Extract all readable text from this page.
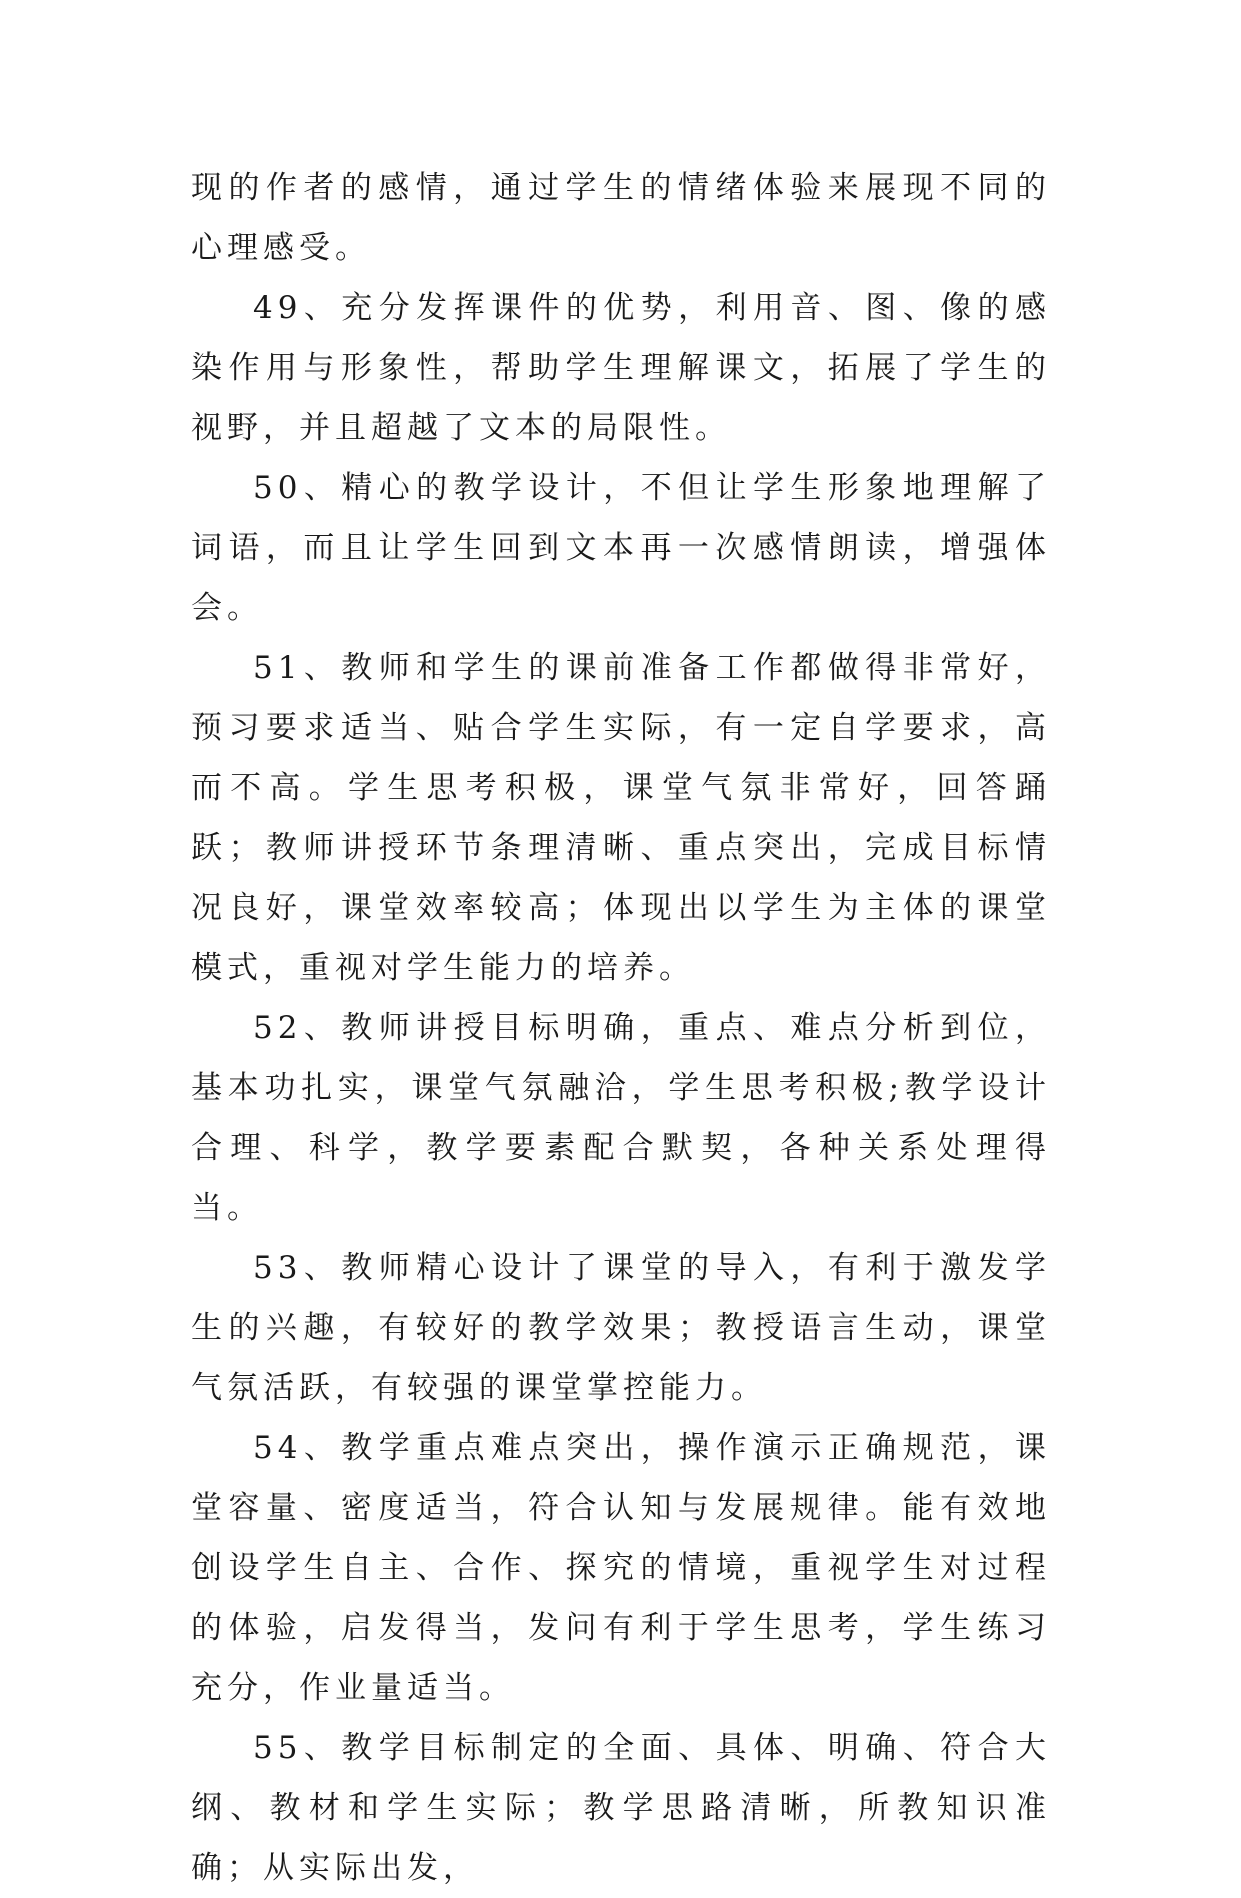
现的作者的感情，通过学生的情绪体验来展现不同的心理感受。

49、充分发挥课件的优势，利用音、图、像的感染作用与形象性，帮助学生理解课文，拓展了学生的视野，并且超越了文本的局限性。

50、精心的教学设计，不但让学生形象地理解了词语，而且让学生回到文本再一次感情朗读，增强体会。

51、教师和学生的课前准备工作都做得非常好，预习要求适当、贴合学生实际，有一定自学要求，高而不高。学生思考积极，课堂气氛非常好，回答踊跃；教师讲授环节条理清晰、重点突出，完成目标情况良好，课堂效率较高；体现出以学生为主体的课堂模式，重视对学生能力的培养。

52、教师讲授目标明确，重点、难点分析到位，基本功扎实，课堂气氛融洽，学生思考积极;教学设计合理、科学，教学要素配合默契，各种关系处理得当。

53、教师精心设计了课堂的导入，有利于激发学生的兴趣，有较好的教学效果；教授语言生动，课堂气氛活跃，有较强的课堂掌控能力。

54、教学重点难点突出，操作演示正确规范，课堂容量、密度适当，符合认知与发展规律。能有效地创设学生自主、合作、探究的情境，重视学生对过程的体验，启发得当，发问有利于学生思考，学生练习充分，作业量适当。

55、教学目标制定的全面、具体、明确、符合大纲、教材和学生实际；教学思路清晰，所教知识准确；从实际出发，
